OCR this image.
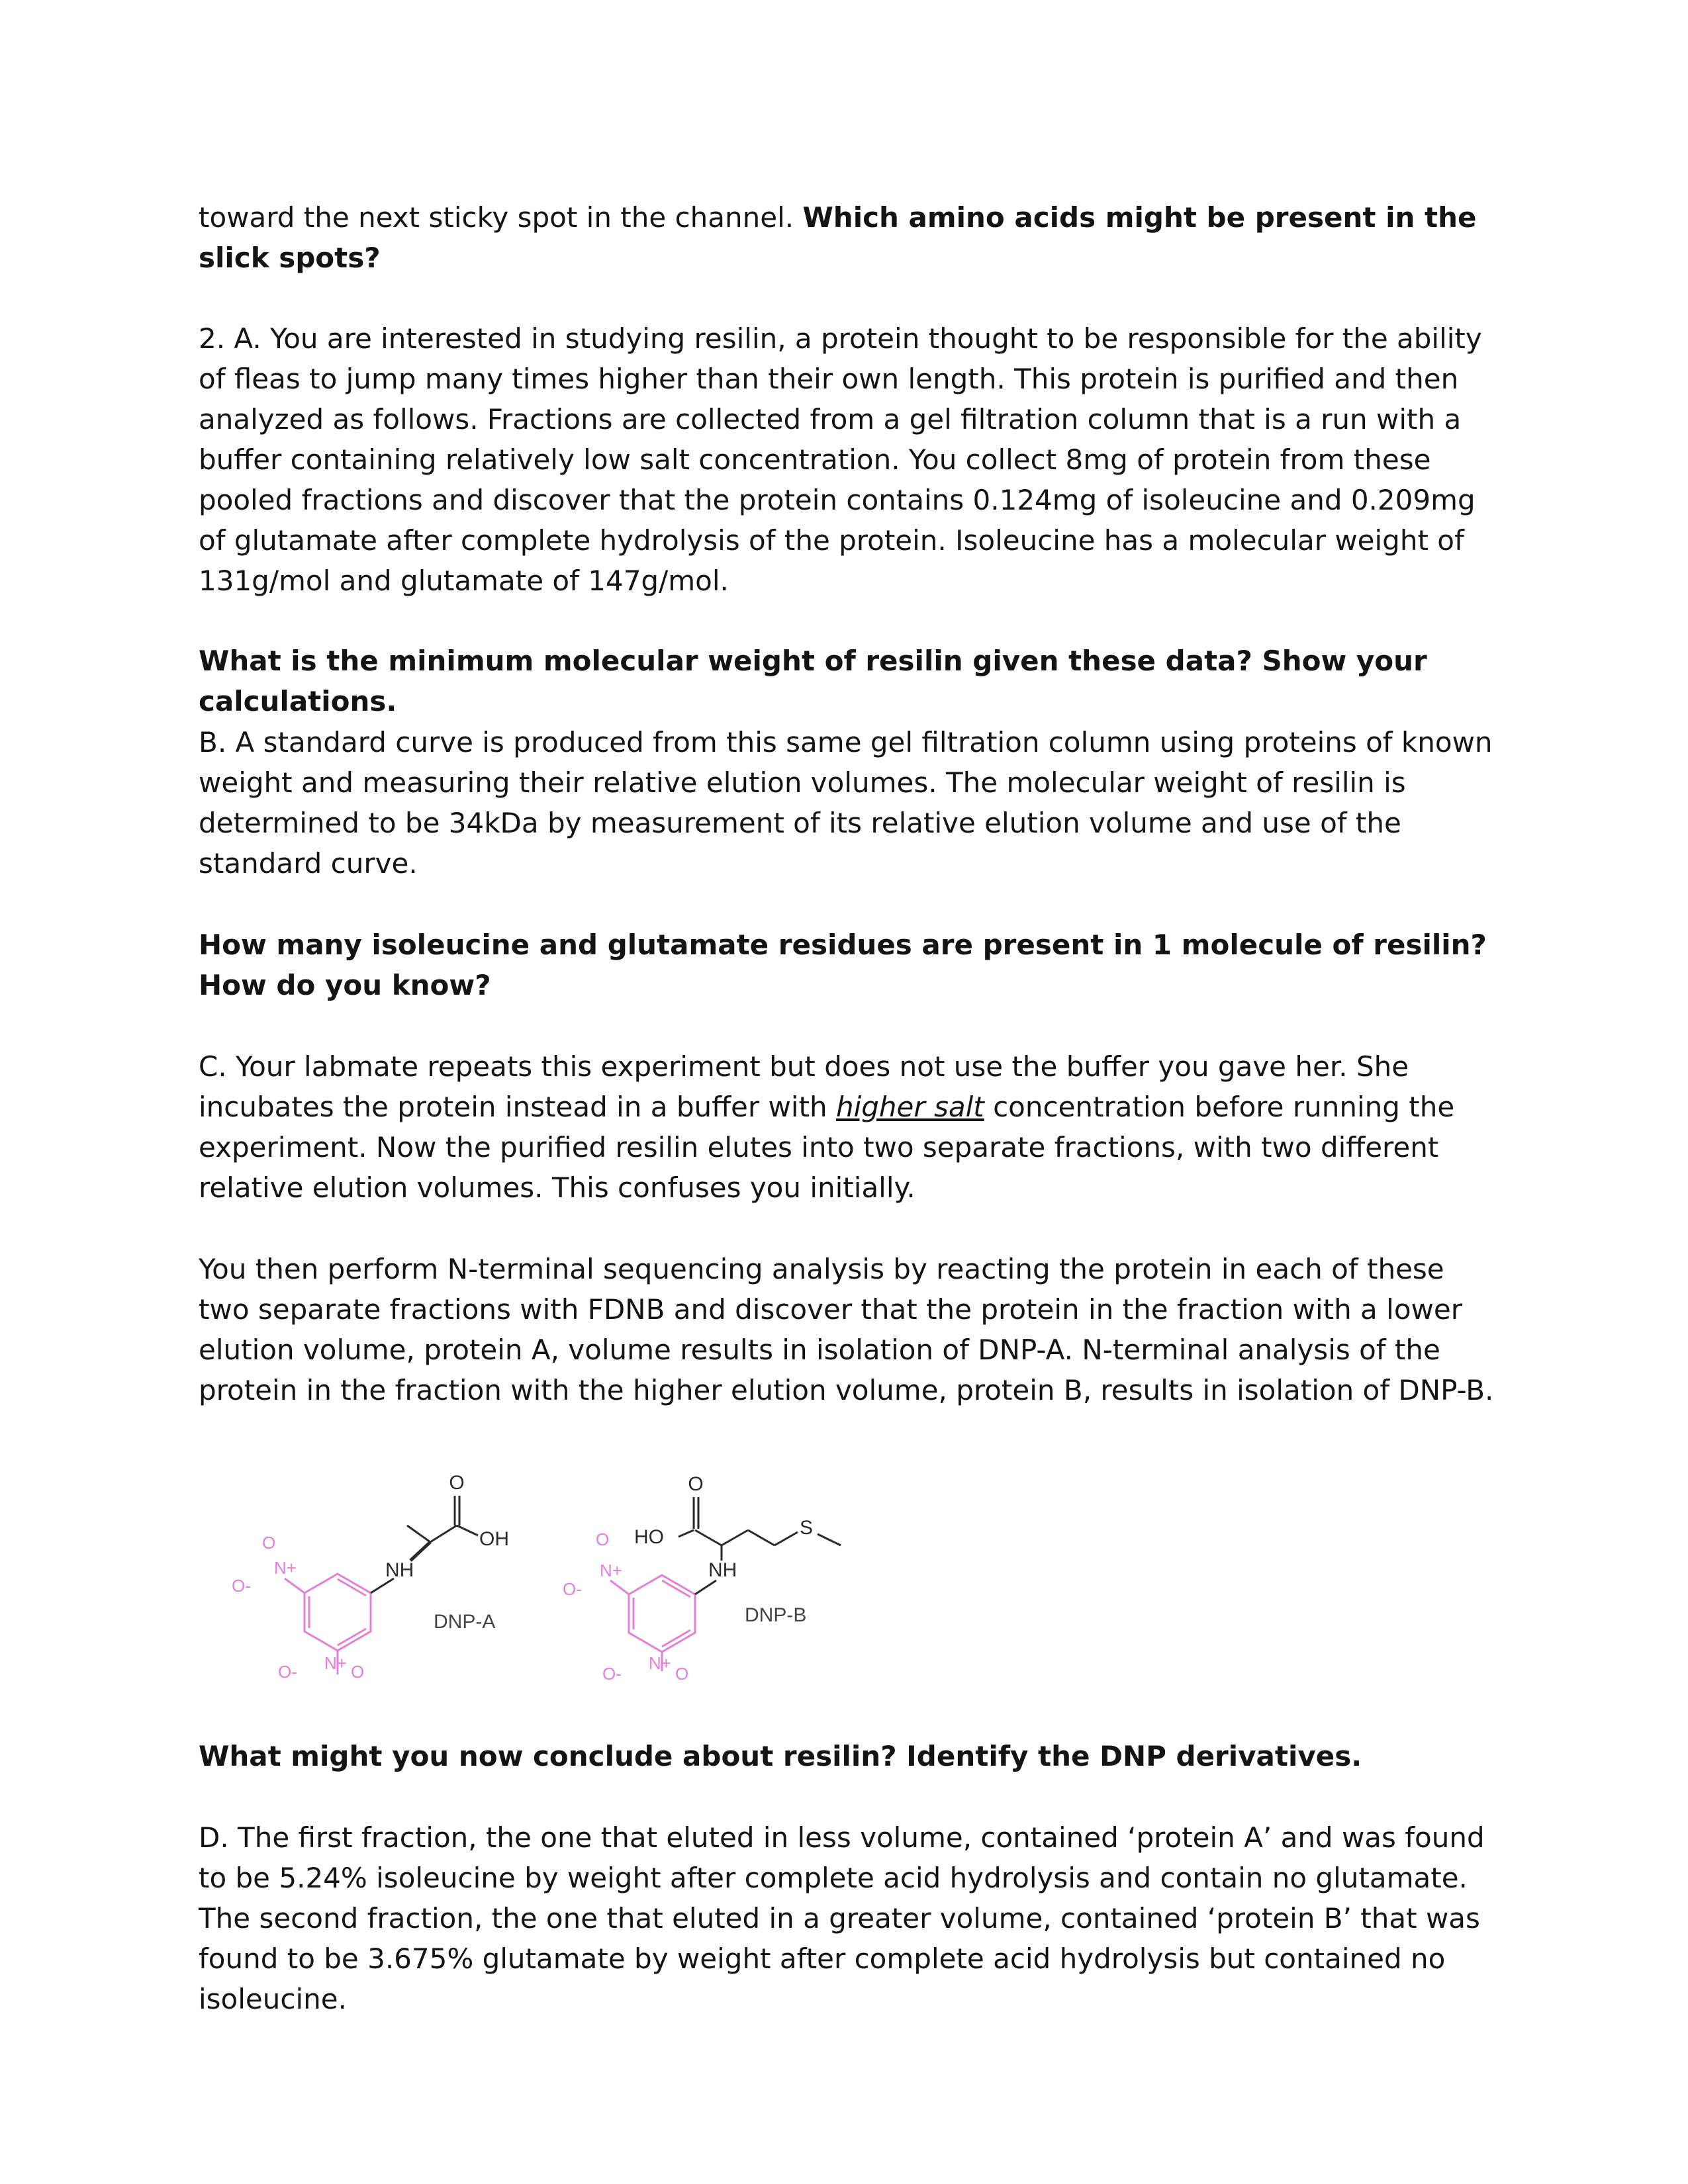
toward the next sticky spot in the channel. Which amino acids might be present in the slick spots?

2. A. You are interested in studying resilin, a protein thought to be responsible for the ability of fleas to jump many times higher than their own length. This protein is purified and then analyzed as follows. Fractions are collected from a gel filtration column that is a run with a buffer containing relatively low salt concentration. You collect 8mg of protein from these pooled fractions and discover that the protein contains 0.124mg of isoleucine and 0.209mg of glutamate after complete hydrolysis of the protein. Isoleucine has a molecular weight of 131g/mol and glutamate of 147g/mol.

What is the minimum molecular weight of resilin given these data? Show your calculations.

B. A standard curve is produced from this same gel filtration column using proteins of known weight and measuring their relative elution volumes. The molecular weight of resilin is determined to be 34kDa by measurement of its relative elution volume and use of the standard curve.

How many isoleucine and glutamate residues are present in 1 molecule of resilin? How do you know?

C. Your labmate repeats this experiment but does not use the buffer you gave her. She incubates the protein instead in a buffer with higher salt concentration before running the experiment. Now the purified resilin elutes into two separate fractions, with two different relative elution volumes. This confuses you initially.

You then perform N-terminal sequencing analysis by reacting the protein in each of these two separate fractions with FDNB and discover that the protein in the fraction with a lower elution volume, protein A, volume results in isolation of DNP-A. N-terminal analysis of the protein in the fraction with the higher elution volume, protein B, results in isolation of DNP-B.

O
OH
NH
N+
O
O-
O- N+ O
DNP-A
O
HO
NH
S
N+
O
O-
O-
N+
O
DNP-B

What might you now conclude about resilin? Identify the DNP derivatives.

D. The first fraction, the one that eluted in less volume, contained ‘protein A’ and was found to be 5.24% isoleucine by weight after complete acid hydrolysis and contain no glutamate. The second fraction, the one that eluted in a greater volume, contained ‘protein B’ that was found to be 3.675% glutamate by weight after complete acid hydrolysis but contained no isoleucine.
